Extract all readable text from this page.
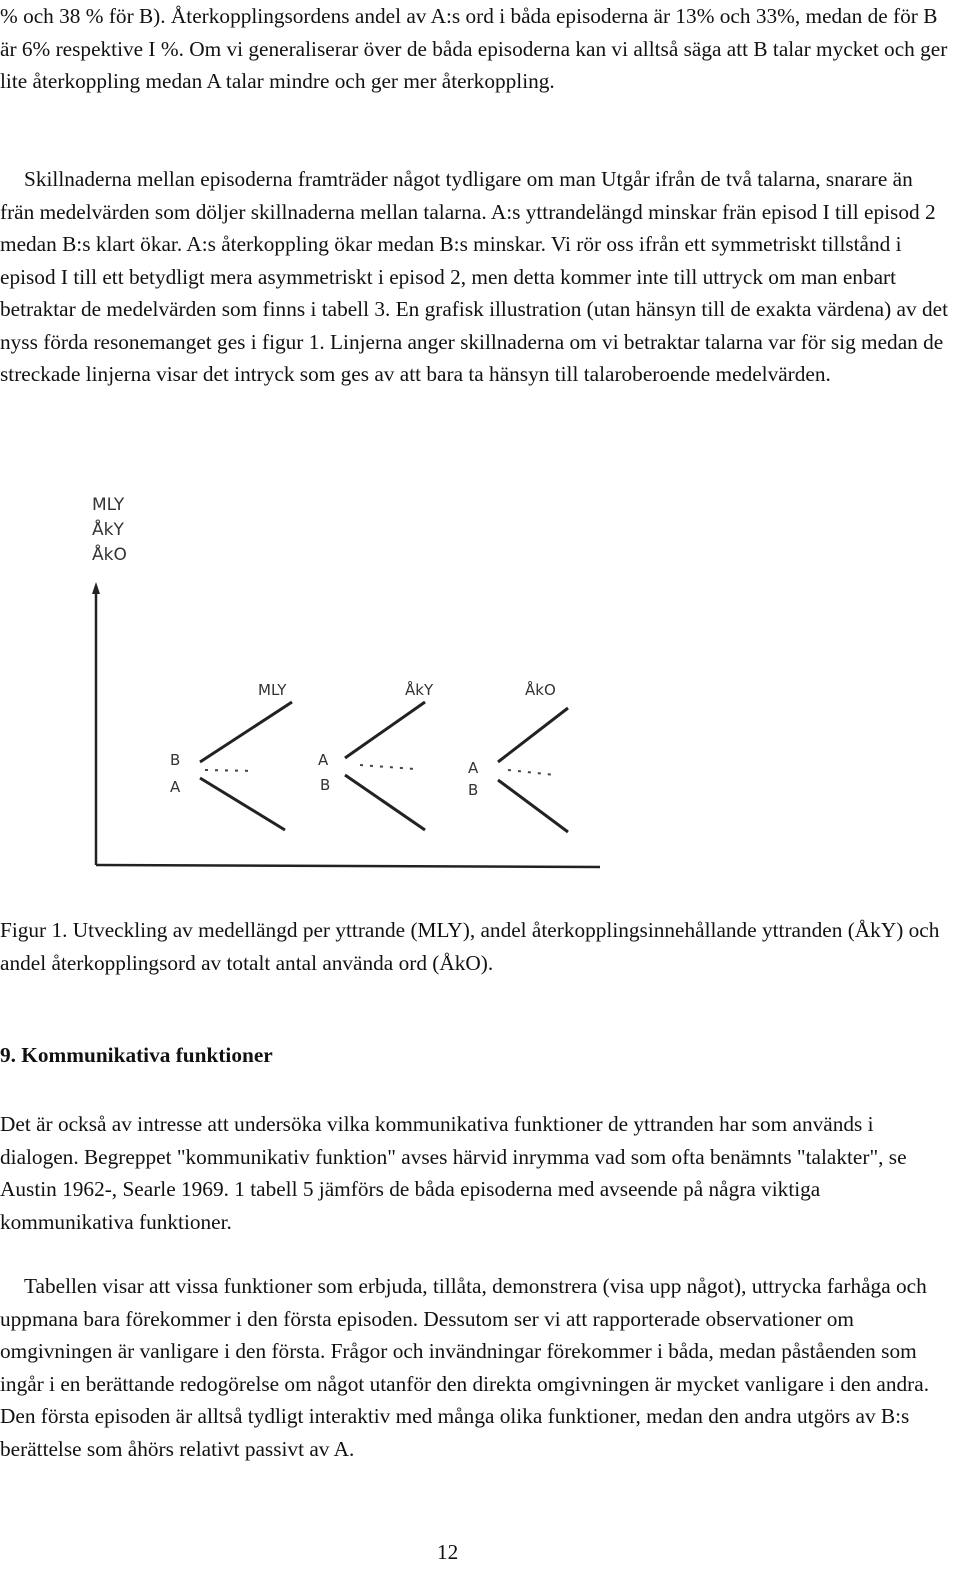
% och 38 % för B). Återkopplingsordens andel av A:s ord i båda episoderna är 13% och 33%, medan de för B är 6% respektive I %. Om vi generaliserar över de båda episoderna kan vi alltså säga att B talar mycket och ger lite återkoppling medan A talar mindre och ger mer återkoppling.

Skillnaderna mellan episoderna framträder något tydligare om man Utgår ifrån de två talarna, snarare än frän medelvärden som döljer skillnaderna mellan talarna. A:s yttrandelängd minskar frän episod I till episod 2 medan B:s klart ökar. A:s återkoppling ökar medan B:s minskar. Vi rör oss ifrån ett symmetriskt tillstånd i episod I till ett betydligt mera asymmetriskt i episod 2, men detta kommer inte till uttryck om man enbart betraktar de medelvärden som finns i tabell 3. En grafisk illustration (utan hänsyn till de exakta värdena) av det nyss förda resonemanget ges i figur 1. Linjerna anger skillnaderna om vi betraktar talarna var för sig medan de streckade linjerna visar det intryck som ges av att bara ta hänsyn till talaroberoende medelvärden.

MLY
ÅkY
ÅkO
MLY
B
A
ÅkY
A
B
ÅkO
A
B

Figur 1. Utveckling av medellängd per yttrande (MLY), andel återkopplingsinnehållande yttranden (ÅkY) och andel återkopplingsord av totalt antal använda ord (ÅkO).

9. Kommunikativa funktioner

Det är också av intresse att undersöka vilka kommunikativa funktioner de yttranden har som används i dialogen. Begreppet "kommunikativ funktion" avses härvid inrymma vad som ofta benämnts "talakter", se Austin 1962-, Searle 1969. 1 tabell 5 jämförs de båda episoderna med avseende på några viktiga kommunikativa funktioner.

Tabellen visar att vissa funktioner som erbjuda, tillåta, demonstrera (visa upp något), uttrycka farhåga och uppmana bara förekommer i den första episoden. Dessutom ser vi att rapporterade observationer om omgivningen är vanligare i den första. Frågor och invändningar förekommer i båda, medan påståenden som ingår i en berättande redogörelse om något utanför den direkta omgivningen är mycket vanligare i den andra. Den första episoden är alltså tydligt interaktiv med många olika funktioner, medan den andra utgörs av B:s berättelse som åhörs relativt passivt av A.

12
